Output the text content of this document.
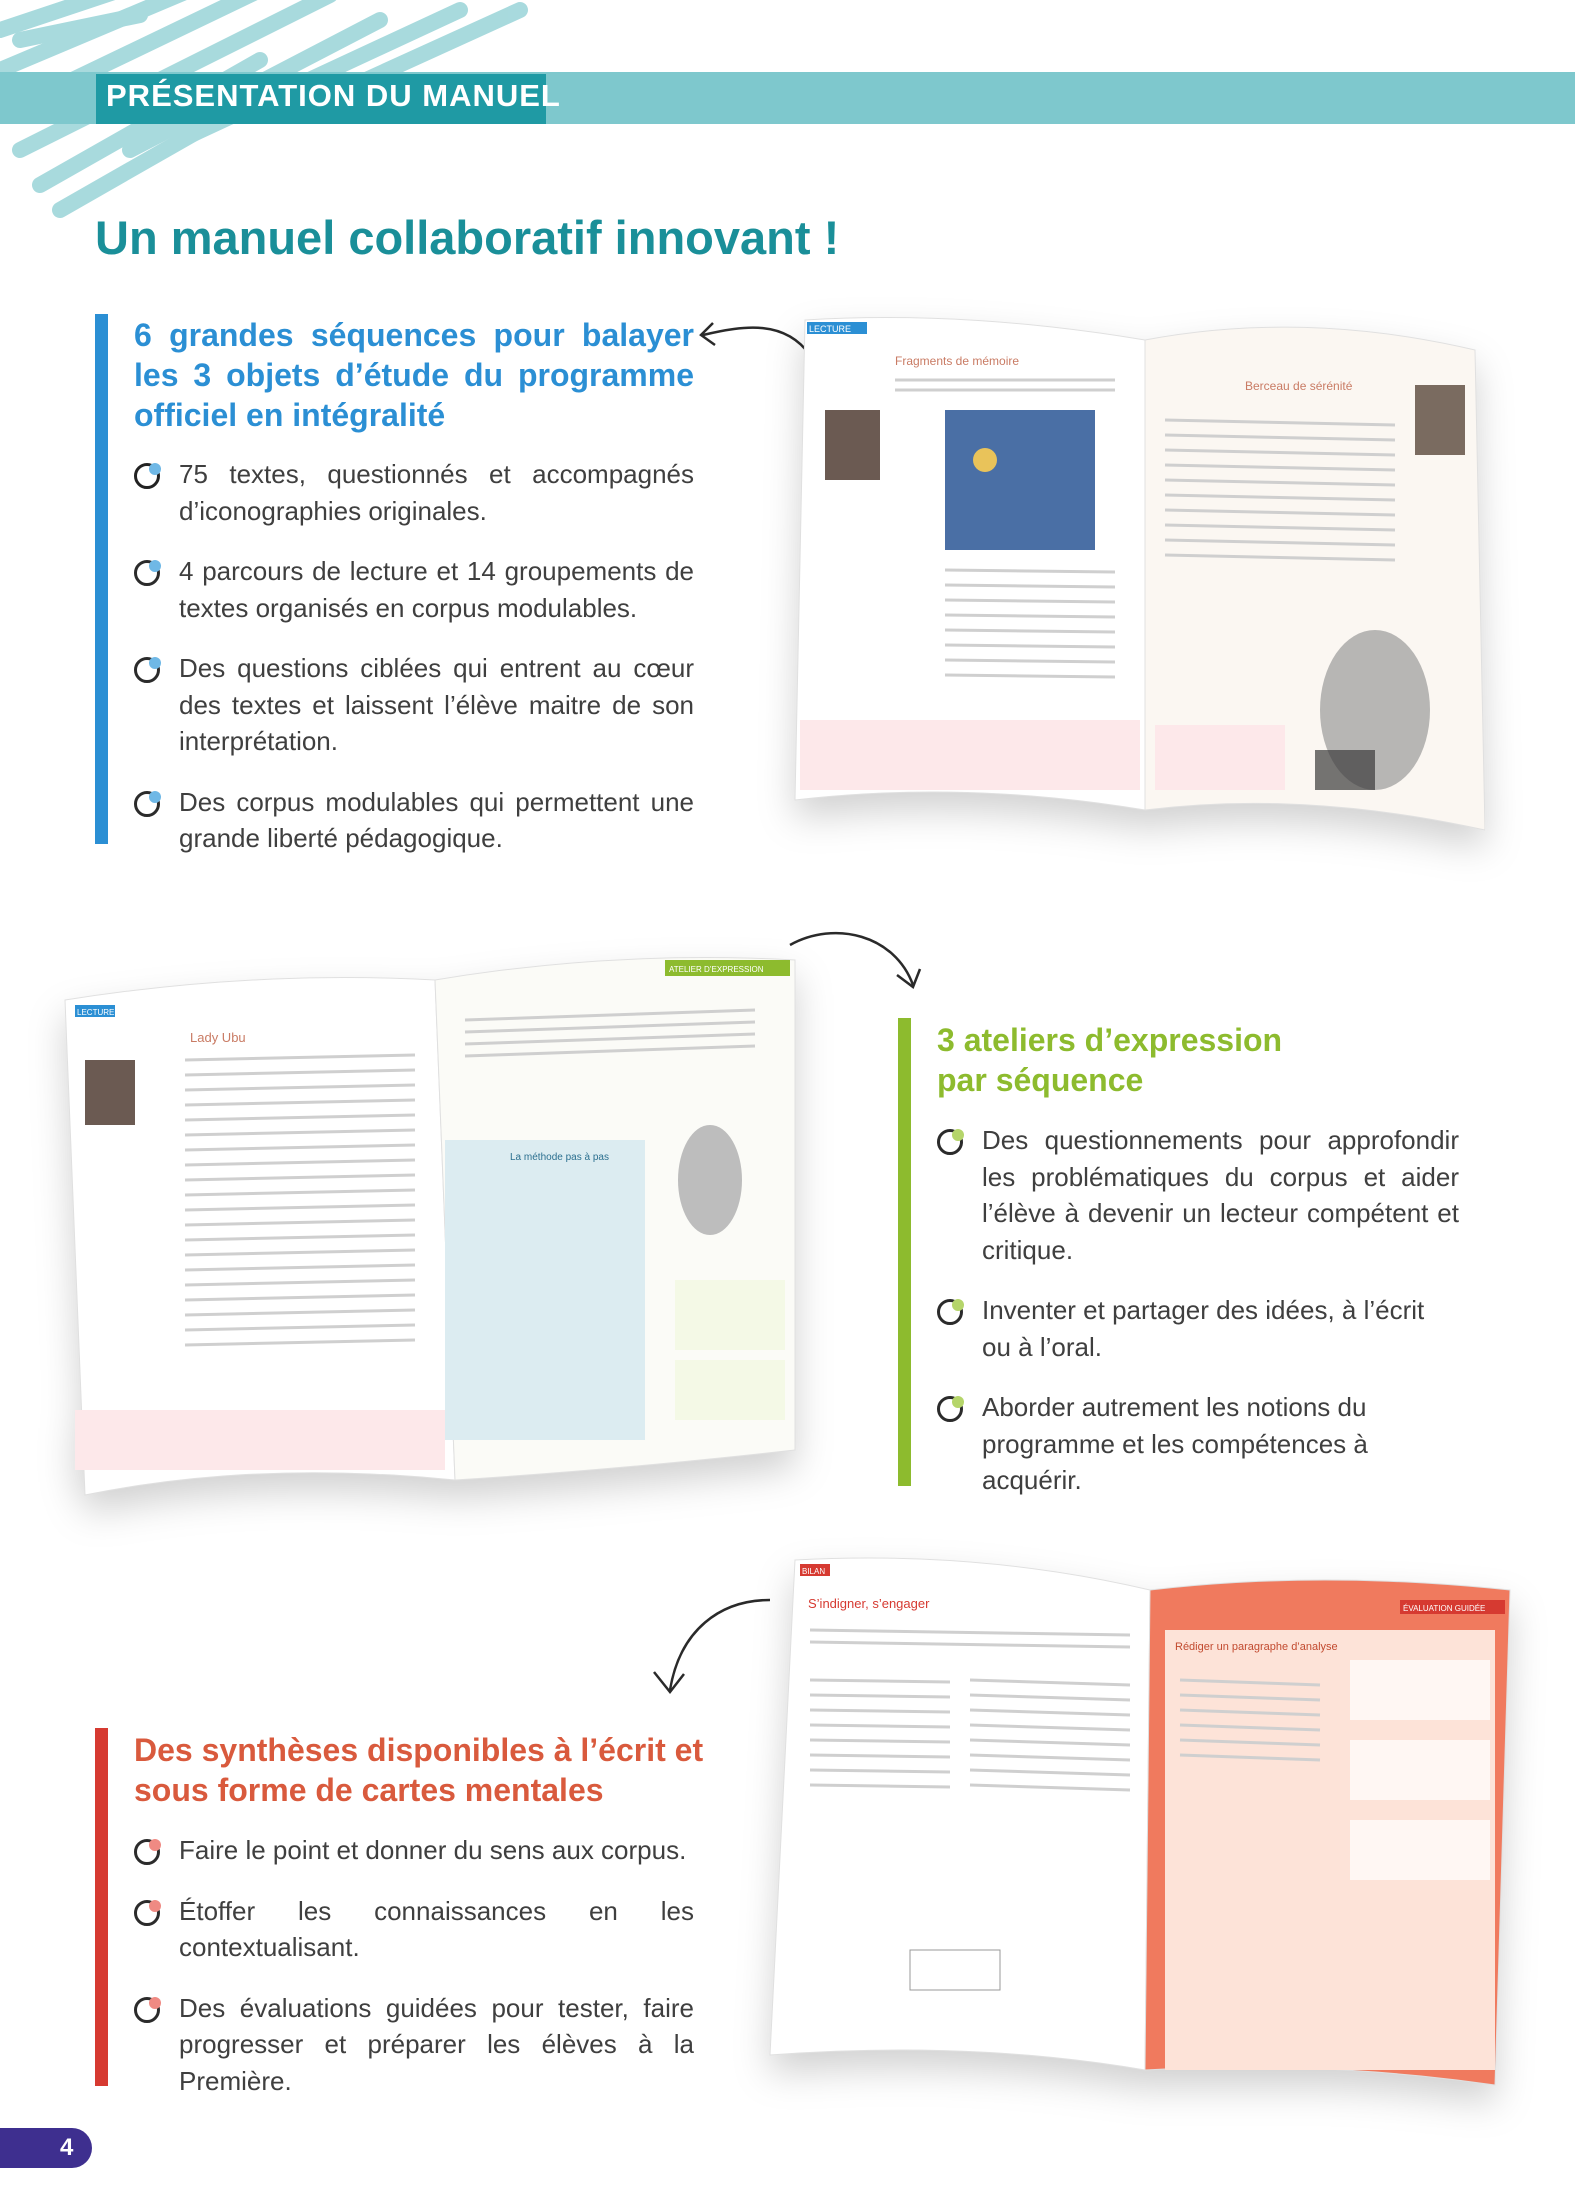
PRÉSENTATION DU MANUEL
Un manuel collaboratif innovant !
6 grandes séquences pour balayer les 3 objets d’étude du programme officiel en intégralité
75 textes, questionnés et accompagnés d’iconographies originales.
4 parcours de lecture et 14 groupements de textes organisés en corpus modulables.
Des questions ciblées qui entrent au cœur des textes et laissent l’élève maitre de son interprétation.
Des corpus modulables qui permettent une grande liberté pédagogique.
LECTURE
Fragments de mémoire
Berceau de sérénité
LECTURE
Lady Ubu
ATELIER D’EXPRESSION
La méthode pas à pas
3 ateliers d’expression par séquence
Des questionnements pour approfondir les problématiques du corpus et aider l’élève à devenir un lecteur compétent et critique.
Inventer et partager des idées, à l’écrit ou à l’oral.
Aborder autrement les notions du programme et les compétences à acquérir.
Des synthèses disponibles à l’écrit et sous forme de cartes mentales
Faire le point et donner du sens aux corpus.
Étoffer les connaissances en les contextualisant.
Des évaluations guidées pour tester, faire progresser et préparer les élèves à la Première.
BILAN
S’indigner, s’engager	ÉVALUATION GUIDÉE
Rédiger un paragraphe d’analyse
4
